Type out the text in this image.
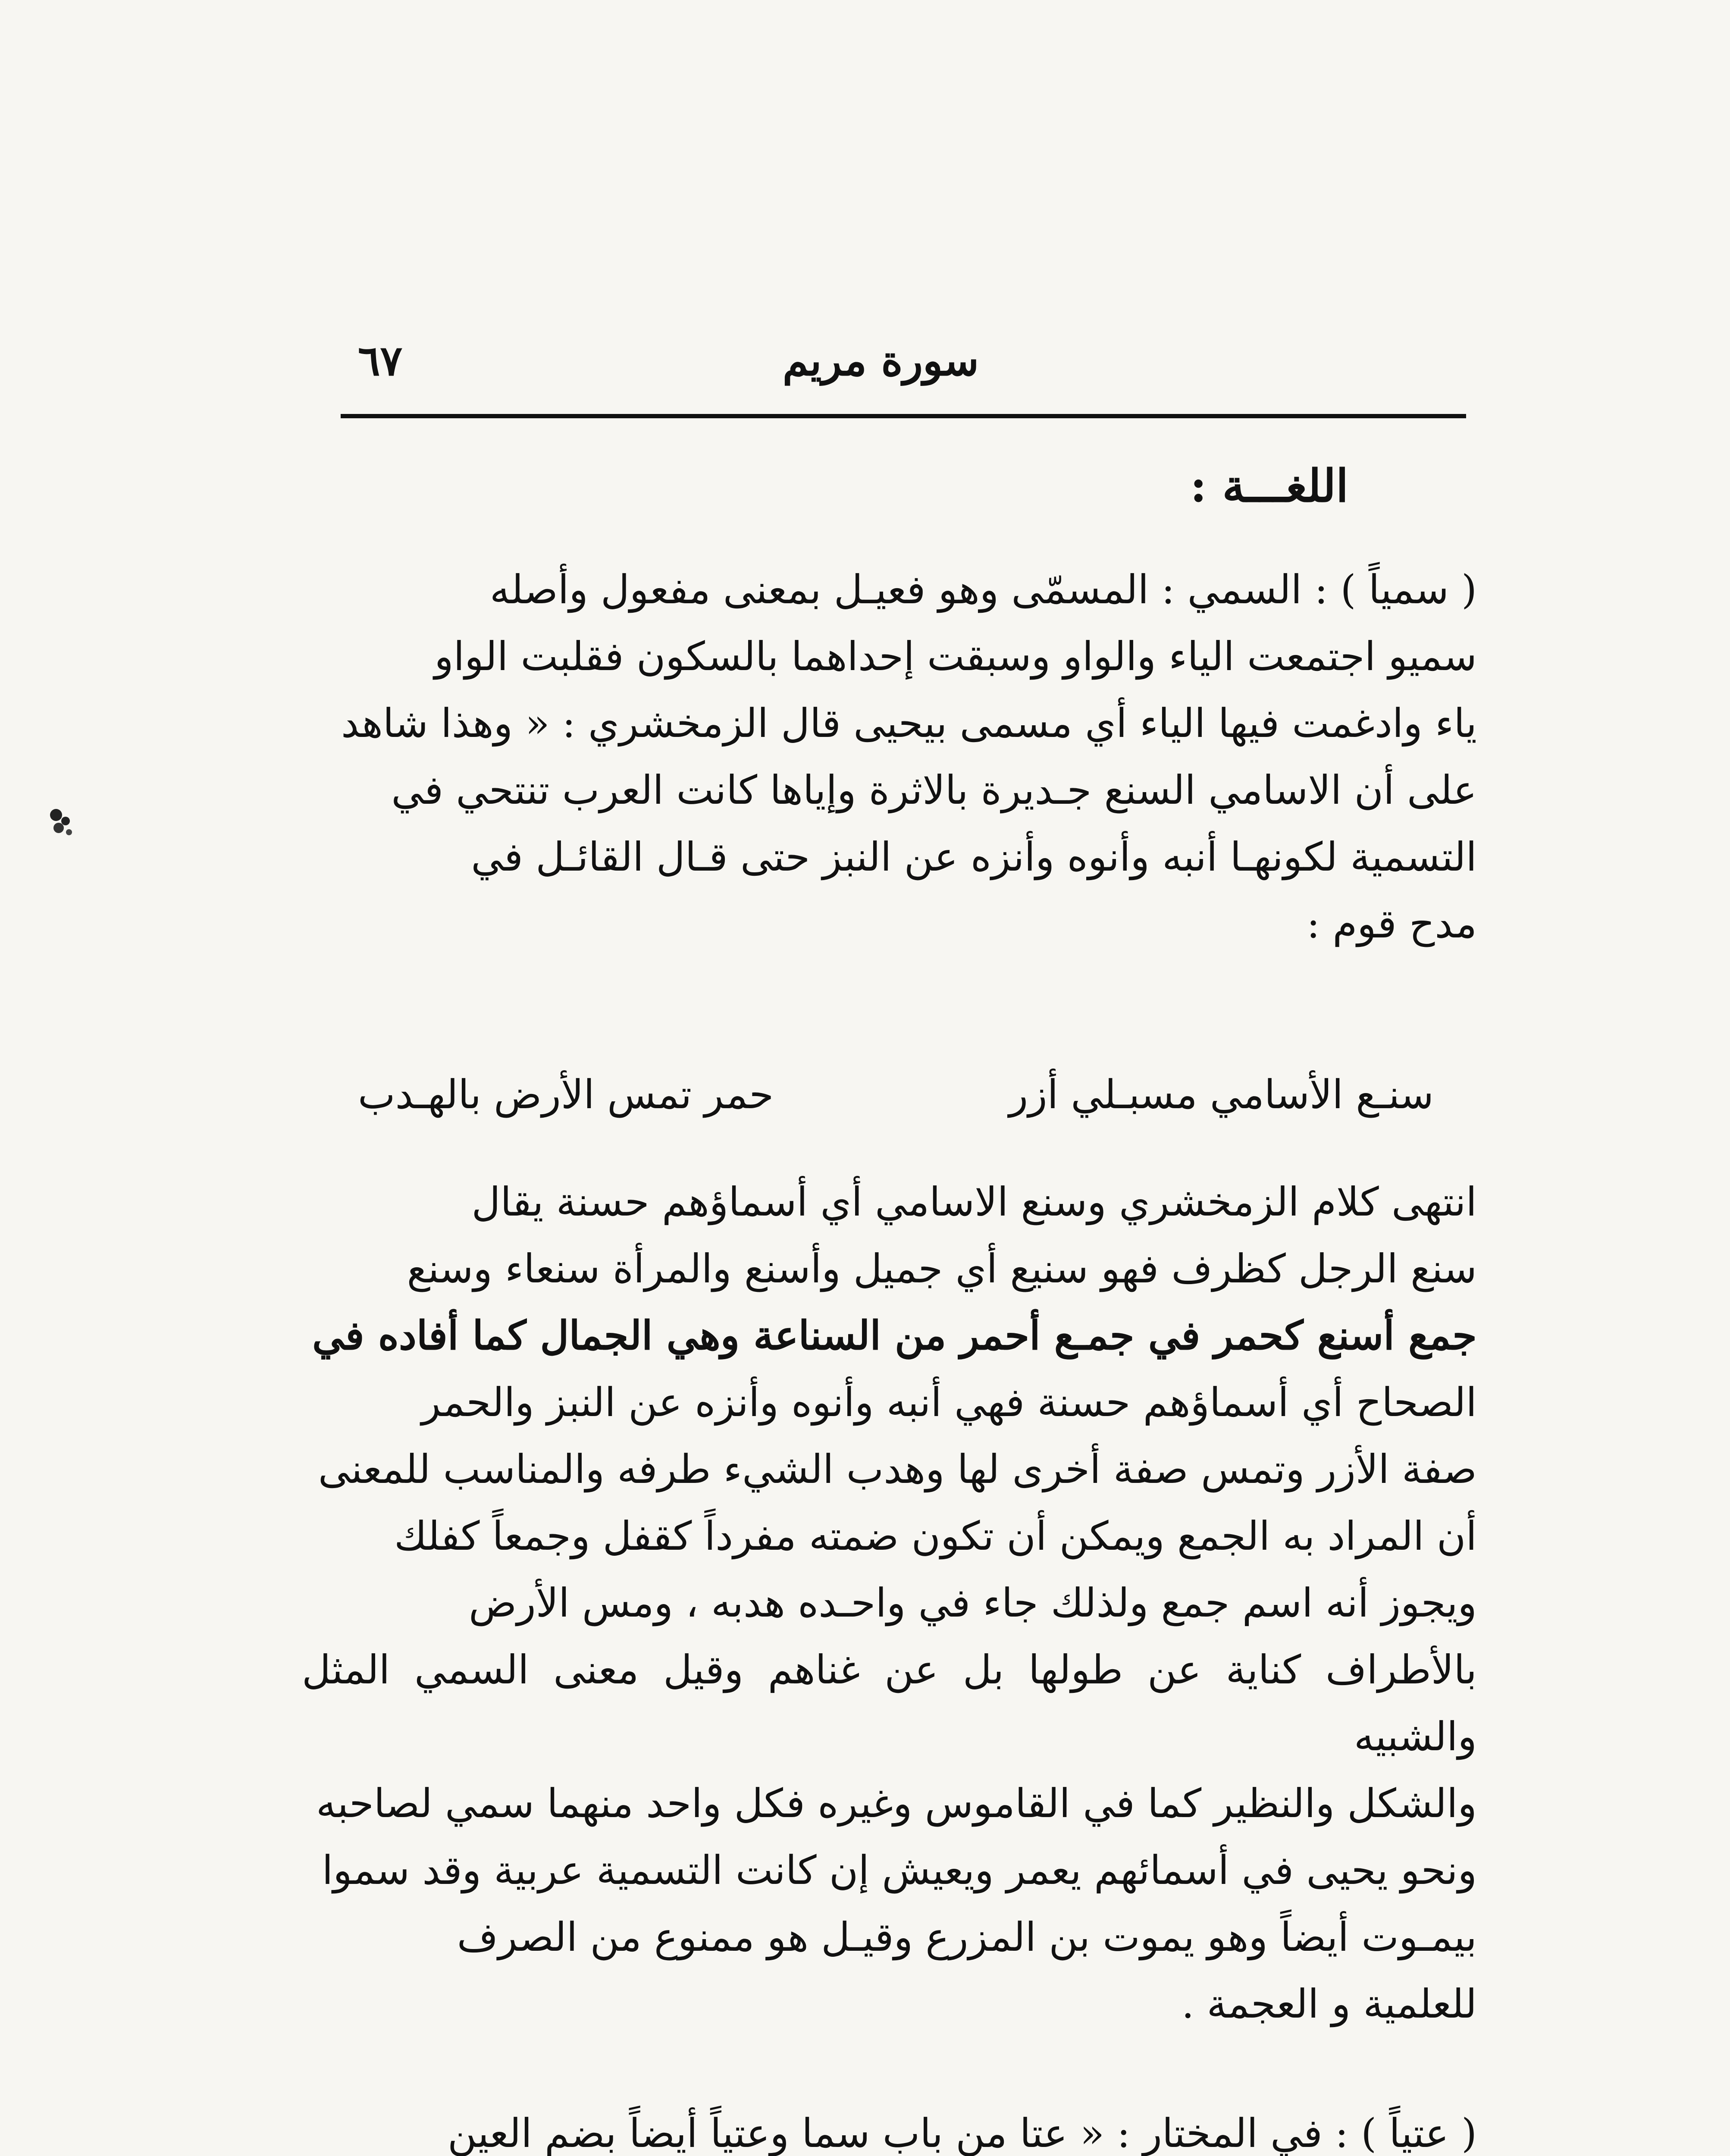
سورة مريم
٦٧
اللغـــة :

( سمياً ) : السمي : المسمّى وهو فعيـل بمعنى مفعول وأصله

سميو اجتمعت الياء والواو وسبقت إحداهما بالسكون فقلبت الواو

ياء وادغمت فيها الياء أي مسمى بيحيى قال الزمخشري : « وهذا شاهد

على أن الاسامي السنع جـديرة بالاثرة وإياها كانت العرب تنتحي في

التسمية لكونهـا أنبه وأنوه وأنزه عن النبز حتى قـال القائـل في

مدح قوم :

سنـع الأسامي مسبـلي أزر
حمر تمس الأرض بالهـدب

انتهى كلام الزمخشري وسنع الاسامي أي أسماؤهم حسنة يقال

سنع الرجل كظرف فهو سنيع أي جميل وأسنع والمرأة سنعاء وسنع

جمع أسنع كحمر في جمـع أحمر من السناعة وهي الجمال كما أفاده في

الصحاح أي أسماؤهم حسنة فهي أنبه وأنوه وأنزه عن النبز والحمر

صفة الأزر وتمس صفة أخرى لها وهدب الشيء طرفه والمناسب للمعنى

أن المراد به الجمع ويمكن أن تكون ضمته مفرداً كقفل وجمعاً كفلك

ويجوز أنه اسم جمع ولذلك جاء في واحـده هدبه ، ومس الأرض

بالأطراف كناية عن طولها بل عن غناهم وقيل معنى السمي المثل والشبيه

والشكل والنظير كما في القاموس وغيره فكل واحد منهما سمي لصاحبه

ونحو يحيى في أسمائهم يعمر ويعيش إن كانت التسمية عربية وقد سموا

بيمـوت أيضاً وهو يموت بن المزرع وقيـل هو ممنوع من الصرف

للعلمية و العجمة .

( عتياً ) : في المختار : « عتا من باب سما وعتياً أيضاً بضم العين
